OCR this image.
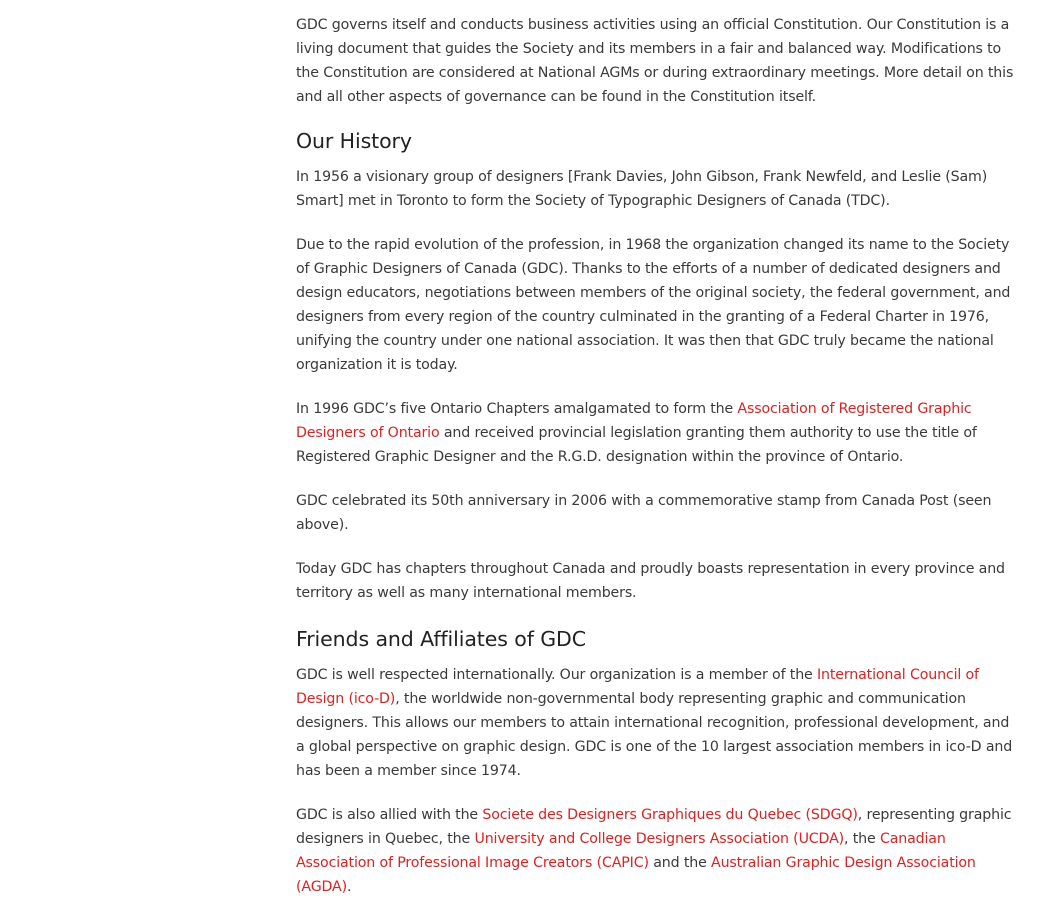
GDC governs itself and conducts business activities using an official Constitution. Our Constitution is a living document that guides the Society and its members in a fair and balanced way. Modifications to the Constitution are considered at National AGMs or during extraordinary meetings. More detail on this and all other aspects of governance can be found in the Constitution itself.

Our History

In 1956 a visionary group of designers [Frank Davies, John Gibson, Frank Newfeld, and Leslie (Sam) Smart] met in Toronto to form the Society of Typographic Designers of Canada (TDC).

Due to the rapid evolution of the profession, in 1968 the organization changed its name to the Society of Graphic Designers of Canada (GDC). Thanks to the efforts of a number of dedicated designers and design educators, negotiations between members of the original society, the federal government, and designers from every region of the country culminated in the granting of a Federal Charter in 1976, unifying the country under one national association. It was then that GDC truly became the national organization it is today.

In 1996 GDC’s five Ontario Chapters amalgamated to form the Association of Registered Graphic Designers of Ontario and received provincial legislation granting them authority to use the title of Registered Graphic Designer and the R.G.D. designation within the province of Ontario.

GDC celebrated its 50th anniversary in 2006 with a commemorative stamp from Canada Post (seen above).

Today GDC has chapters throughout Canada and proudly boasts representation in every province and territory as well as many international members.

Friends and Affiliates of GDC

GDC is well respected internationally. Our organization is a member of the International Council of Design (ico-D), the worldwide non-governmental body representing graphic and communication designers. This allows our members to attain international recognition, professional development, and a global perspective on graphic design. GDC is one of the 10 largest association members in ico-D and has been a member since 1974.

GDC is also allied with the Societe des Designers Graphiques du Quebec (SDGQ), representing graphic designers in Quebec, the University and College Designers Association (UCDA), the Canadian Association of Professional Image Creators (CAPIC) and the Australian Graphic Design Association (AGDA).
